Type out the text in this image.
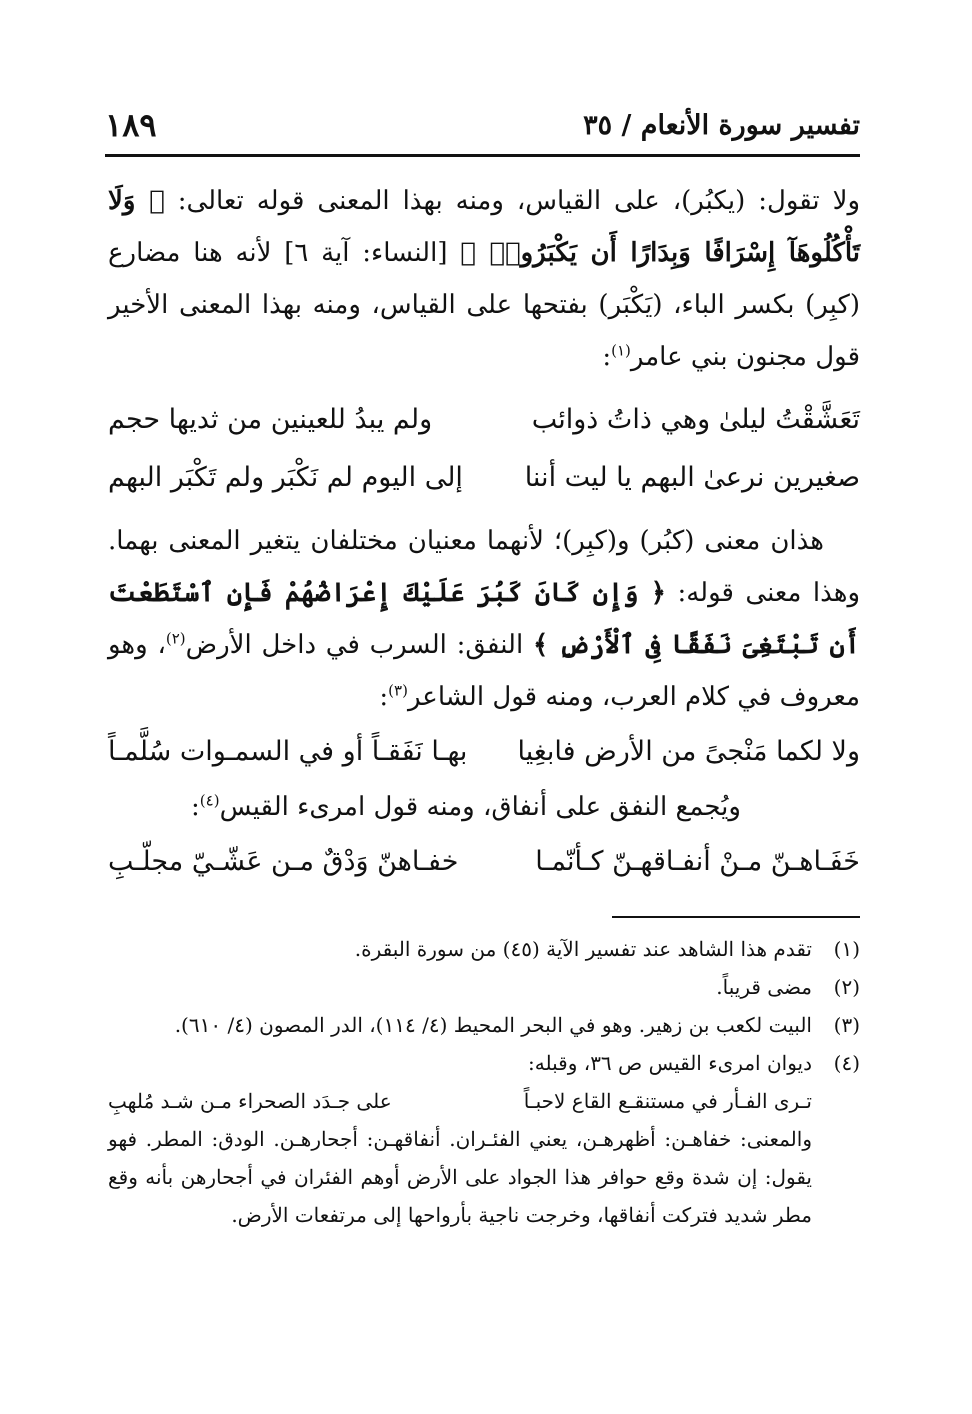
تفسير سورة الأنعام / ٣٥
١٨٩

ولا تقول: (يكبُر)، على القياس، ومنه بهذا المعنى قوله تعالى: ﴿ وَلَا تَأْكُلُوهَآ إِسْرَافًا وَبِدَارًا أَن يَكْبَرُوا۟ ﴾ [النساء: آية ٦] لأنه هنا مضارع (كبِر) بكسر الباء، (يَكْبَر) بفتحها على القياس، ومنه بهذا المعنى الأخير قول مجنون بني عامر$^{(١)}$:

تَعَشَّقْتُ ليلىٰ وهي ذاتُ ذوائب
ولم يبدُ للعينين من ثديها حجم

صغيرين نرعىٰ البهم يا ليت أننا
إلى اليوم لم نَكْبَر ولم تَكْبَر البهم

هذان معنى (كبُر) و(كبِر)؛ لأنهما معنيان مختلفان يتغير المعنى بهما. وهذا معنى قوله: ﴿ وَإِن كَانَ كَبُرَ عَلَيْكَ إِعْرَاضُهُمْ فَإِنِ ٱسْتَطَعْتَ أَن تَبْتَغِىَ نَفَقًا فِى ٱلْأَرْضِ ﴾ النفق: السرب في داخل الأرض$^{(٢)}$، وهو معروف في كلام العرب، ومنه قول الشاعر$^{(٣)}$:

ولا لكما مَنْجىً من الأرض فابغِيا
بهـا نَفَقـاً أو في السمـوات سُلَّمـاً

ويُجمع النفق على أنفاق، ومنه قول امرىء القيس$^{(٤)}$:

خَفَـاهـنّ مـنْ أنفـاقهـنّ كـأنّمـا
خفـاهنّ وَدْقٌ مـن عَشّـيّ مجلّـبِ

(١)
تقدم هذا الشاهد عند تفسير الآية (٤٥) من سورة البقرة.

(٢)
مضى قريباً.

(٣)
البيت لكعب بن زهير. وهو في البحر المحيط (٤/ ١١٤)، الدر المصون (٤/ ٦١٠).

(٤)
ديوان امرىء القيس ص ٣٦، وقبله:

تـرى الفـأر في مستنقـع القاع لاحبـاً
على جـدَد الصحراء مـن شـد مُلهبِ

والمعنى: خفاهـن: أظهرهـن، يعني الفئـران. أنفاقهـن: أجحارهـن. الودق: المطر. فهو يقول: إن شدة وقع حوافر هذا الجواد على الأرض أوهم الفئران في أجحارهن بأنه وقع مطر شديد فتركت أنفاقها، وخرجت ناجية بأرواحها إلى مرتفعات الأرض.
